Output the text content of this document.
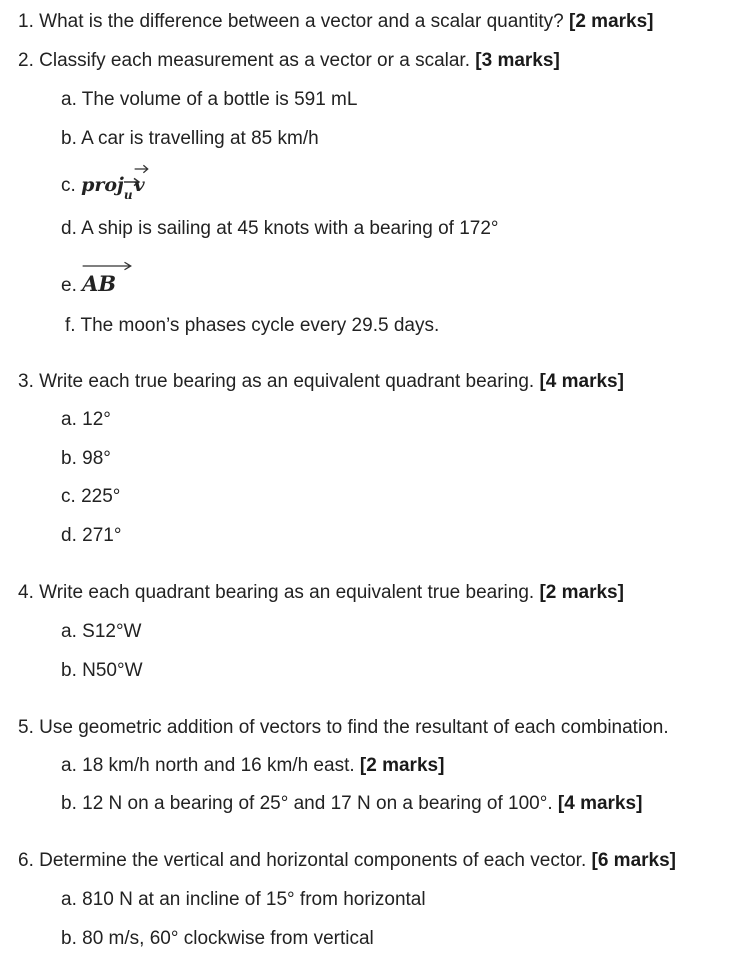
1. What is the difference between a vector and a scalar quantity? [2 marks]
2. Classify each measurement as a vector or a scalar. [3 marks]
a. The volume of a bottle is 591 mL
b. A car is travelling at 85 km/h
c. proj
u
v
d. A ship is sailing at 45 knots with a bearing of 172°
e. AB
f. The moon’s phases cycle every 29.5 days.
3. Write each true bearing as an equivalent quadrant bearing. [4 marks]
a. 12°
b. 98°
c. 225°
d. 271°
4. Write each quadrant bearing as an equivalent true bearing. [2 marks]
a. S12°W
b. N50°W
5. Use geometric addition of vectors to find the resultant of each combination.
a. 18 km/h north and 16 km/h east. [2 marks]
b. 12 N on a bearing of 25° and 17 N on a bearing of 100°. [4 marks]
6. Determine the vertical and horizontal components of each vector. [6 marks]
a. 810 N at an incline of 15° from horizontal
b. 80 m/s, 60° clockwise from vertical
